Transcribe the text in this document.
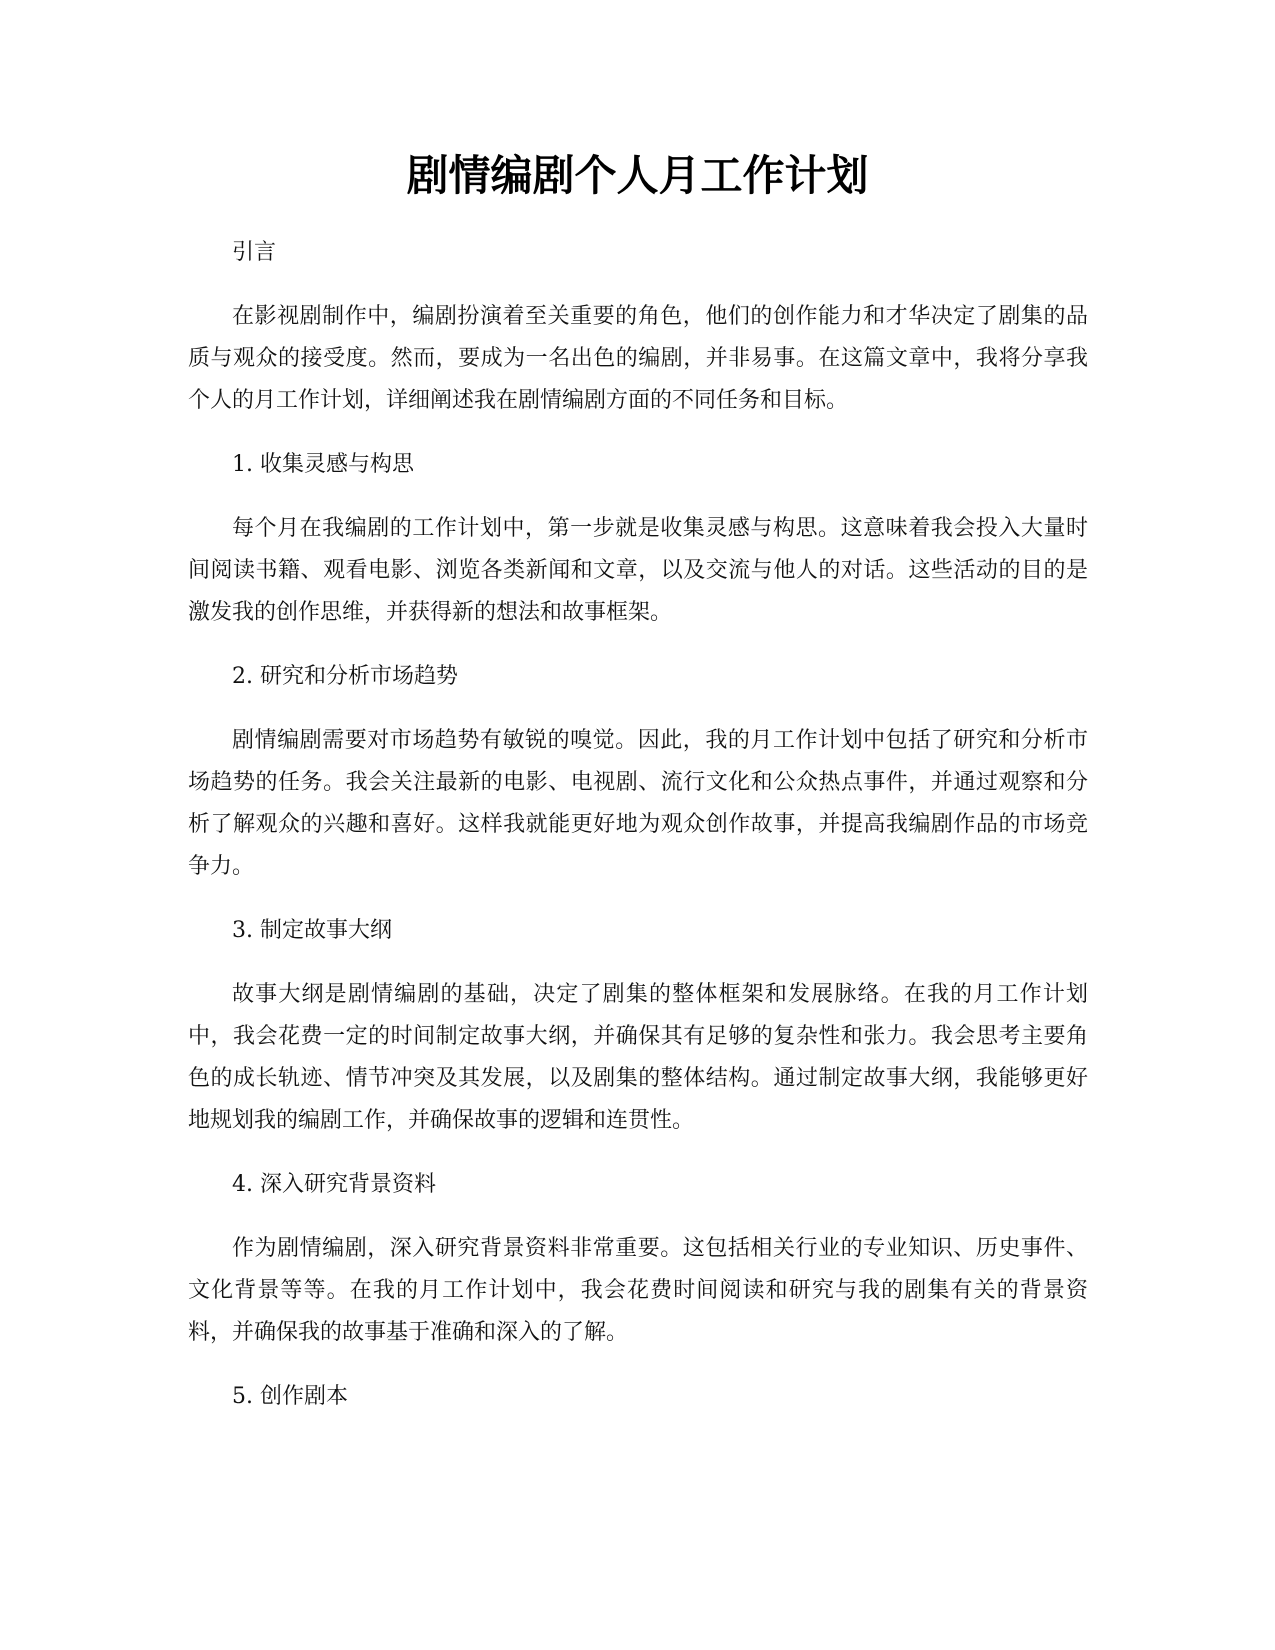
剧情编剧个人月工作计划

引言

在影视剧制作中，编剧扮演着至关重要的角色，他们的创作能力和才华决定了剧集的品质与观众的接受度。然而，要成为一名出色的编剧，并非易事。在这篇文章中，我将分享我个人的月工作计划，详细阐述我在剧情编剧方面的不同任务和目标。

1. 收集灵感与构思

每个月在我编剧的工作计划中，第一步就是收集灵感与构思。这意味着我会投入大量时间阅读书籍、观看电影、浏览各类新闻和文章，以及交流与他人的对话。这些活动的目的是激发我的创作思维，并获得新的想法和故事框架。

2. 研究和分析市场趋势

剧情编剧需要对市场趋势有敏锐的嗅觉。因此，我的月工作计划中包括了研究和分析市场趋势的任务。我会关注最新的电影、电视剧、流行文化和公众热点事件，并通过观察和分析了解观众的兴趣和喜好。这样我就能更好地为观众创作故事，并提高我编剧作品的市场竞争力。

3. 制定故事大纲

故事大纲是剧情编剧的基础，决定了剧集的整体框架和发展脉络。在我的月工作计划中，我会花费一定的时间制定故事大纲，并确保其有足够的复杂性和张力。我会思考主要角色的成长轨迹、情节冲突及其发展，以及剧集的整体结构。通过制定故事大纲，我能够更好地规划我的编剧工作，并确保故事的逻辑和连贯性。

4. 深入研究背景资料

作为剧情编剧，深入研究背景资料非常重要。这包括相关行业的专业知识、历史事件、文化背景等等。在我的月工作计划中，我会花费时间阅读和研究与我的剧集有关的背景资料，并确保我的故事基于准确和深入的了解。

5. 创作剧本
